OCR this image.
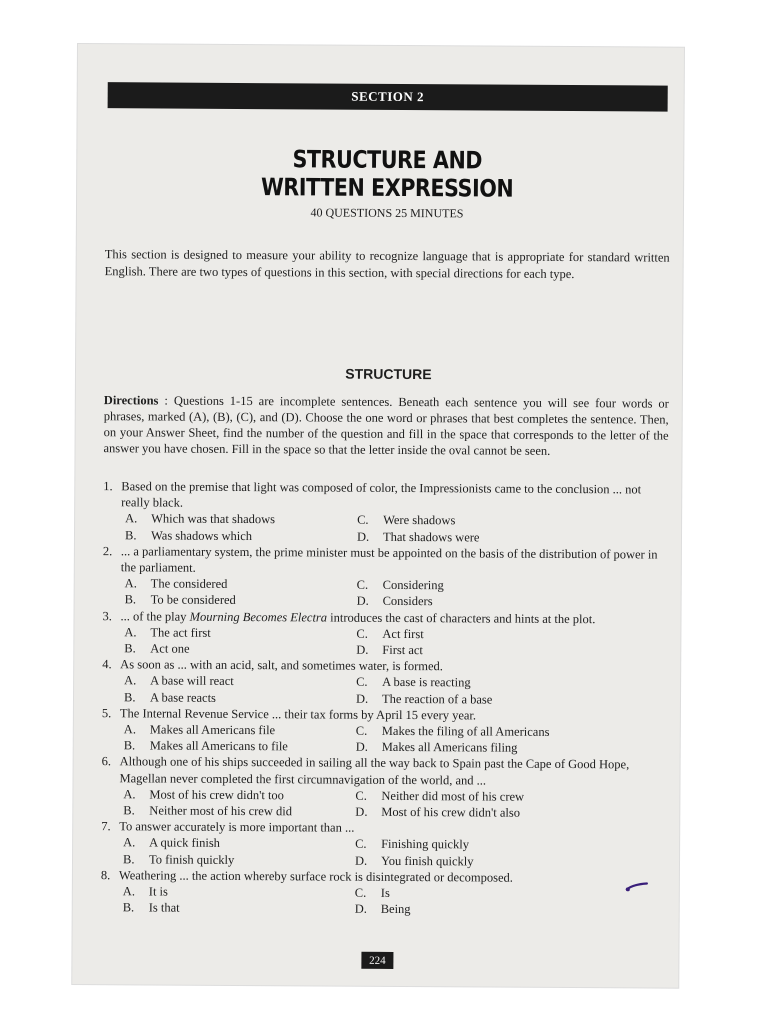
SECTION 2
STRUCTURE AND
WRITTEN EXPRESSION
40 QUESTIONS 25 MINUTES
This section is designed to measure your ability to recognize language that is appropriate for standard written English. There are two types of questions in this section, with special directions for each type.
STRUCTURE
Directions : Questions 1-15 are incomplete sentences. Beneath each sentence you will see four words or phrases, marked (A), (B), (C), and (D). Choose the one word or phrases that best completes the sentence. Then, on your Answer Sheet, find the number of the question and fill in the space that corresponds to the letter of the answer you have chosen. Fill in the space so that the letter inside the oval cannot be seen.
1. Based on the premise that light was composed of color, the Impressionists came to the conclusion ... not really black.
A.	Which was that shadows	C.	Were shadows
B.	Was shadows which	D.	That shadows were
2. ... a parliamentary system, the prime minister must be appointed on the basis of the distribution of power in the parliament.
A.	The considered	C.	Considering
B.	To be considered	D.	Considers
3. ... of the play Mourning Becomes Electra introduces the cast of characters and hints at the plot.
A.	The act first	C.	Act first
B.	Act one	D.	First act
4. As soon as ... with an acid, salt, and sometimes water, is formed.
A.	A base will react	C.	A base is reacting
B.	A base reacts	D.	The reaction of a base
5. The Internal Revenue Service ... their tax forms by April 15 every year.
A.	Makes all Americans file	C.	Makes the filing of all Americans
B.	Makes all Americans to file	D.	Makes all Americans filing
6. Although one of his ships succeeded in sailing all the way back to Spain past the Cape of Good Hope, Magellan never completed the first circumnavigation of the world, and ...
A.	Most of his crew didn't too	C.	Neither did most of his crew
B.	Neither most of his crew did	D.	Most of his crew didn't also
7. To answer accurately is more important than ...
A.	A quick finish	C.	Finishing quickly
B.	To finish quickly	D.	You finish quickly
8. Weathering ... the action whereby surface rock is disintegrated or decomposed.
A.	It is	C.	Is
B.	Is that	D.	Being
224
